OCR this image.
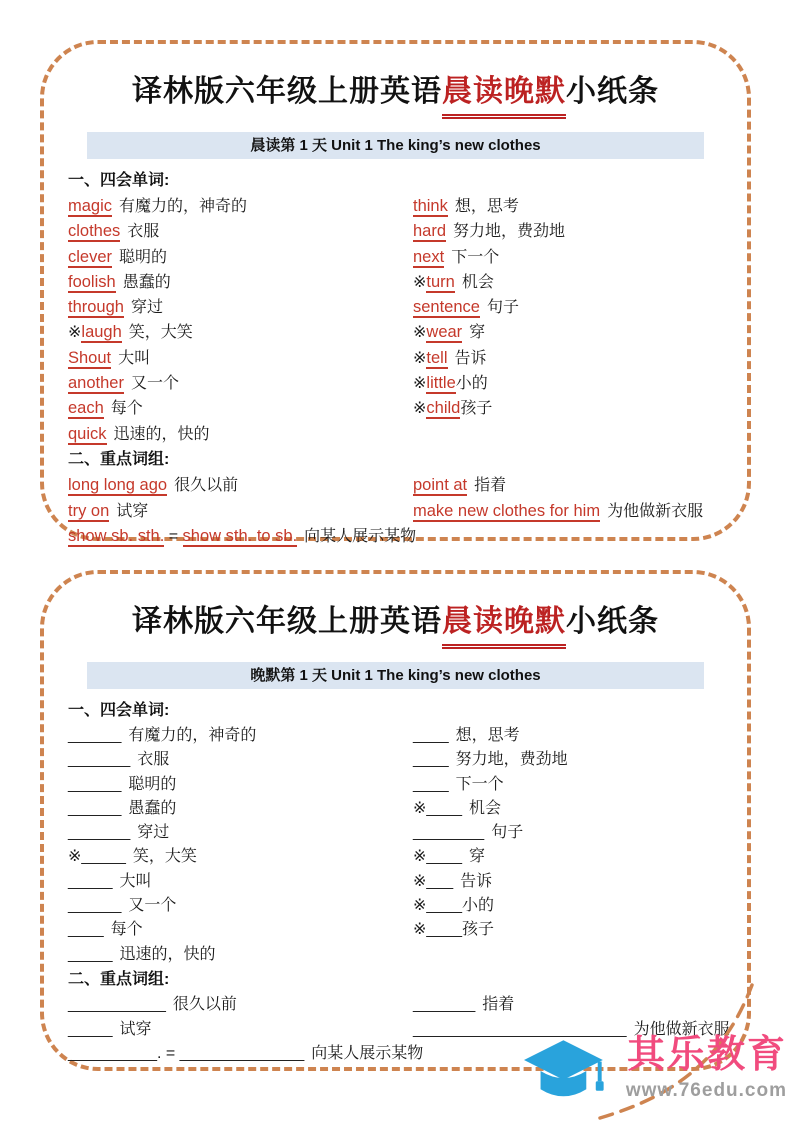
译林版六年级上册英语晨读晚默小纸条
晨读第 1 天 Unit 1 The king’s new clothes
一、四会单词:
magic 有魔力的，神奇的
clothes 衣服
clever 聪明的
foolish 愚蠢的
through 穿过
※laugh 笑，大笑
Shout 大叫
another 又一个
each 每个
quick 迅速的，快的
think 想，思考
hard 努力地，费劲地
next 下一个
※turn 机会
sentence 句子
※wear 穿
※tell 告诉
※little小的
※child孩子
二、重点词组:
long long ago 很久以前
try on 试穿
point at 指着
make new clothes for him 为他做新衣服
show sb. sth. = show sth. to sb. 向某人展示某物
译林版六年级上册英语晨读晚默小纸条
晚默第 1 天 Unit 1 The king’s new clothes
一、四会单词:
______ 有魔力的，神奇的
_______ 衣服
______ 聪明的
______ 愚蠢的
_______ 穿过
※_____ 笑，大笑
_____ 大叫
______ 又一个
____ 每个
_____ 迅速的，快的
____ 想，思考
____ 努力地，费劲地
____ 下一个
※____ 机会
________ 句子
※____ 穿
※___ 告诉
※____小的
※____孩子
二、重点词组:
___________ 很久以前
_____ 试穿
_______ 指着
________________________ 为他做新衣服
__________. = ______________ 向某人展示某物	其乐教育
www.76edu.com
